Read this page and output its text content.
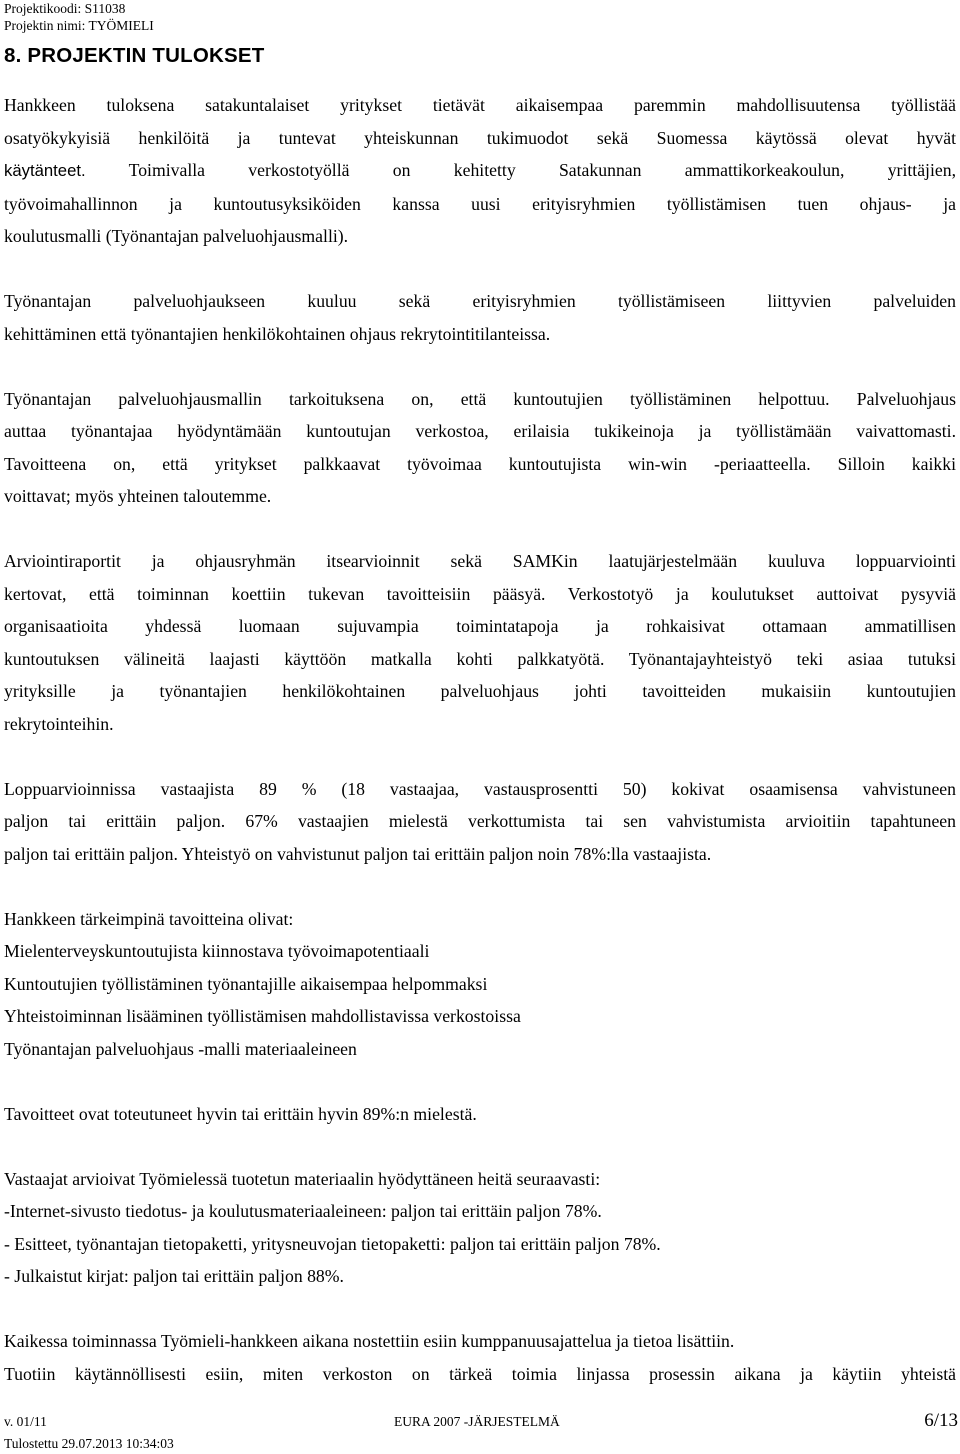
Projektikoodi: S11038
Projektin nimi: TYÖMIELI
8. PROJEKTIN TULOKSET

Hankkeen tuloksena satakuntalaiset yritykset tietävät aikaisempaa paremmin mahdollisuutensa työllistää
osatyökykyisiä henkilöitä ja tuntevat yhteiskunnan tukimuodot sekä Suomessa käytössä olevat hyvät
käytänteet. Toimivalla verkostotyöllä on kehitetty Satakunnan ammattikorkeakoulun, yrittäjien,
työvoimahallinnon ja kuntoutusyksiköiden kanssa uusi erityisryhmien työllistämisen tuen ohjaus- ja
koulutusmalli (Työnantajan palveluohjausmalli).

Työnantajan palveluohjaukseen kuuluu sekä erityisryhmien työllistämiseen liittyvien palveluiden
kehittäminen että työnantajien henkilökohtainen ohjaus rekrytointitilanteissa.

Työnantajan palveluohjausmallin tarkoituksena on, että kuntoutujien työllistäminen helpottuu. Palveluohjaus
auttaa työnantajaa hyödyntämään kuntoutujan verkostoa, erilaisia tukikeinoja ja työllistämään vaivattomasti.
Tavoitteena on, että yritykset palkkaavat työvoimaa kuntoutujista win-win -periaatteella. Silloin kaikki
voittavat; myös yhteinen taloutemme.

Arviointiraportit ja ohjausryhmän itsearvioinnit sekä SAMKin laatujärjestelmään kuuluva loppuarviointi
kertovat, että toiminnan koettiin tukevan tavoitteisiin pääsyä. Verkostotyö ja koulutukset auttoivat pysyviä
organisaatioita yhdessä luomaan sujuvampia toimintatapoja ja rohkaisivat ottamaan ammatillisen
kuntoutuksen välineitä laajasti käyttöön matkalla kohti palkkatyötä. Työnantajayhteistyö teki asiaa tutuksi
yrityksille ja työnantajien henkilökohtainen palveluohjaus johti tavoitteiden mukaisiin kuntoutujien
rekrytointeihin.

Loppuarvioinnissa vastaajista 89 % (18 vastaajaa, vastausprosentti 50) kokivat osaamisensa vahvistuneen
paljon tai erittäin paljon. 67% vastaajien mielestä verkottumista tai sen vahvistumista arvioitiin tapahtuneen
paljon tai erittäin paljon. Yhteistyö on vahvistunut paljon tai erittäin paljon noin 78%:lla vastaajista.

Hankkeen tärkeimpinä tavoitteina olivat:
Mielenterveyskuntoutujista kiinnostava työvoimapotentiaali
Kuntoutujien työllistäminen työnantajille aikaisempaa helpommaksi
Yhteistoiminnan lisääminen työllistämisen mahdollistavissa verkostoissa
Työnantajan palveluohjaus -malli materiaaleineen

Tavoitteet ovat toteutuneet hyvin tai erittäin hyvin 89%:n mielestä.

Vastaajat arvioivat Työmielessä tuotetun materiaalin hyödyttäneen heitä seuraavasti:
-Internet-sivusto tiedotus- ja koulutusmateriaaleineen: paljon tai erittäin paljon 78%.
- Esitteet, työnantajan tietopaketti, yritysneuvojan tietopaketti: paljon tai erittäin paljon 78%.
- Julkaistut kirjat: paljon tai erittäin paljon 88%.

Kaikessa toiminnassa Työmieli-hankkeen aikana nostettiin esiin kumppanuusajattelua ja tietoa lisättiin.
Tuotiin käytännöllisesti esiin, miten verkoston on tärkeä toimia linjassa prosessin aikana ja käytiin yhteistä

v. 01/11	EURA 2007 -JÄRJESTELMÄ	6/13
Tulostettu 29.07.2013 10:34:03
